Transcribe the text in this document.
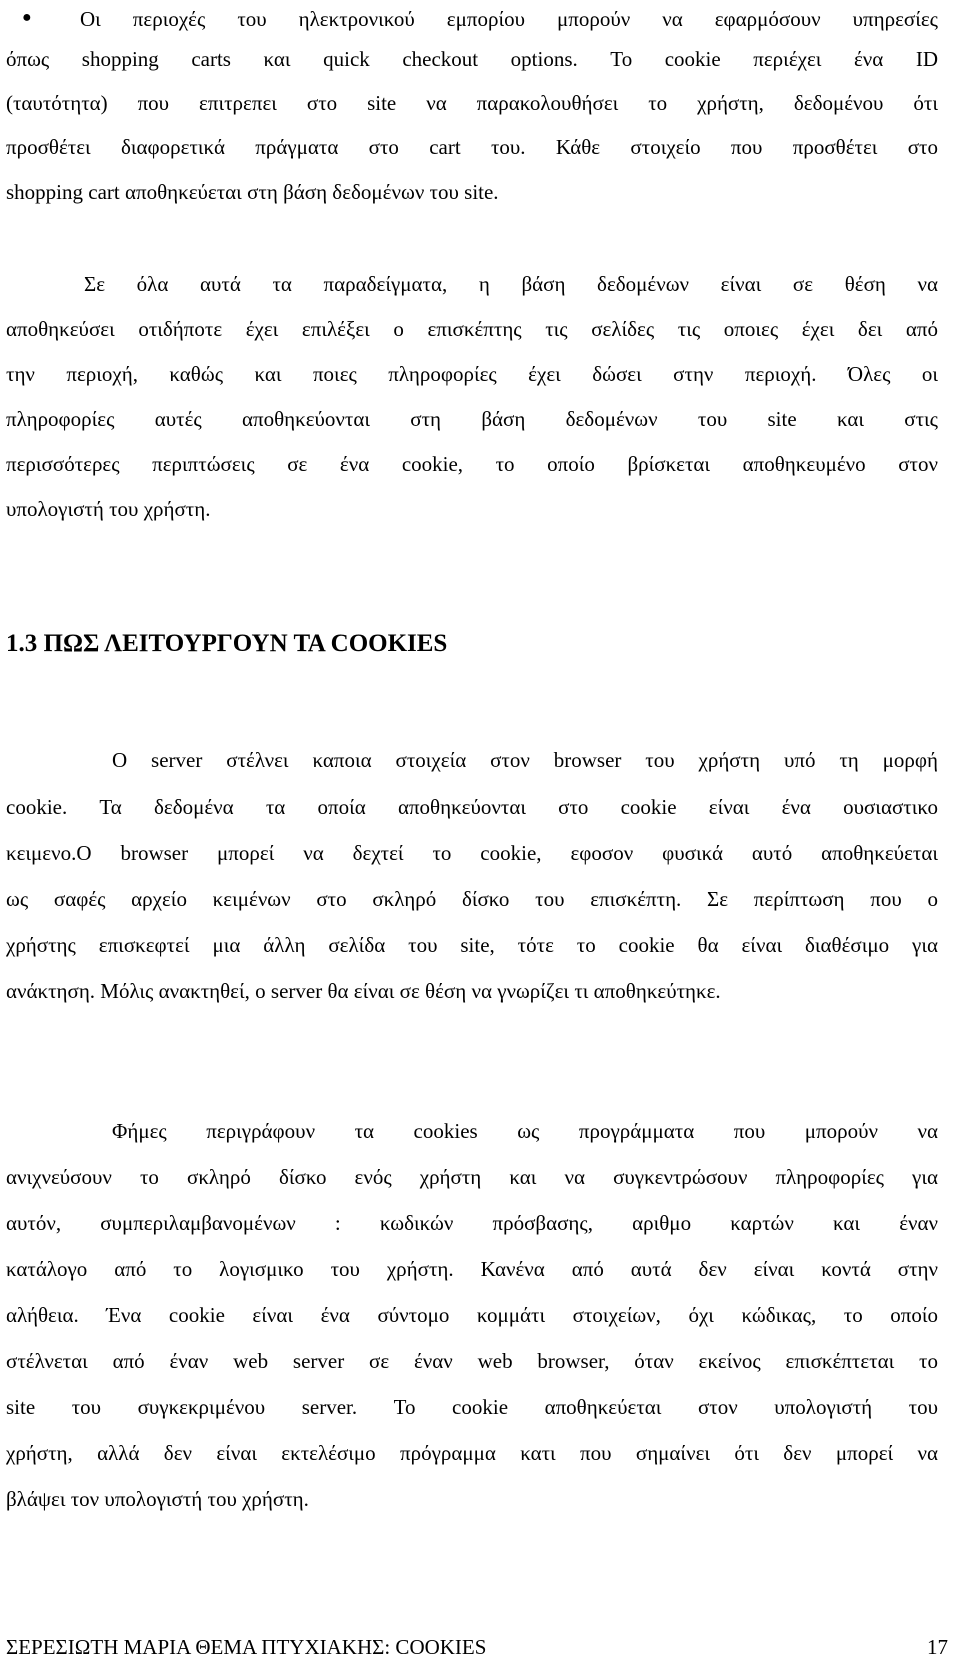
● Οι περιοχές του ηλεκτρονικού εμπορίου μπορούν να εφαρμόσουν υπηρεσίες
όπως shopping carts και quick checkout options. Το cookie περιέχει ένα ID
(ταυτότητα) που επιτρεπει στο site να παρακολουθήσει το χρήστη, δεδομένου ότι
προσθέτει διαφορετικά πράγματα στο cart του. Κάθε στοιχείο που προσθέτει στο
shopping cart αποθηκεύεται στη βάση δεδομένων του site.
Σε όλα αυτά τα παραδείγματα, η βάση δεδομένων είναι σε θέση να
αποθηκεύσει οτιδήποτε έχει επιλέξει ο επισκέπτης τις σελίδες τις οποιες έχει δει από
την περιοχή, καθώς και ποιες πληροφορίες έχει δώσει στην περιοχή. Όλες οι
πληροφορίες αυτές αποθηκεύονται στη βάση δεδομένων του site και στις
περισσότερες περιπτώσεις σε ένα cookie, το οποίο βρίσκεται αποθηκευμένο στον
υπολογιστή του χρήστη.
1.3 ΠΩΣ ΛΕΙΤΟΥΡΓΟΥΝ ΤΑ COOKIES
Ο server στέλνει καποια στοιχεία στον browser του χρήστη υπό τη μορφή
cookie. Τα δεδομένα τα οποία αποθηκεύονται στο cookie είναι ένα ουσιαστικο
κειμενο.Ο browser μπορεί να δεχτεί το cookie, εφοσον φυσικά αυτό αποθηκεύεται
ως σαφές αρχείο κειμένων στο σκληρό δίσκο του επισκέπτη. Σε περίπτωση που ο
χρήστης επισκεφτεί μια άλλη σελίδα του site, τότε το cookie θα είναι διαθέσιμο για
ανάκτηση. Μόλις ανακτηθεί, ο server θα είναι σε θέση να γνωρίζει τι αποθηκεύτηκε.
Φήμες περιγράφουν τα cookies ως προγράμματα που μπορούν να
ανιχνεύσουν το σκληρό δίσκο ενός χρήστη και να συγκεντρώσουν πληροφορίες για
αυτόν, συμπεριλαμβανομένων : κωδικών πρόσβασης, αριθμο καρτών και έναν
κατάλογο από το λογισμικο του χρήστη. Κανένα από αυτά δεν είναι κοντά στην
αλήθεια. Ένα cookie είναι ένα σύντομο κομμάτι στοιχείων, όχι κώδικας, το οποίο
στέλνεται από έναν web server σε έναν web browser, όταν εκείνος επισκέπτεται το
site του συγκεκριμένου server. Το cookie αποθηκεύεται στον υπολογιστή του
χρήστη, αλλά δεν είναι εκτελέσιμο πρόγραμμα κατι που σημαίνει ότι δεν μπορεί να
βλάψει τον υπολογιστή του χρήστη.
ΣΕΡΕΣΙΩΤΗ ΜΑΡΙΑ ΘΕΜΑ ΠΤΥΧΙΑΚΗΣ: COOKIES	17
